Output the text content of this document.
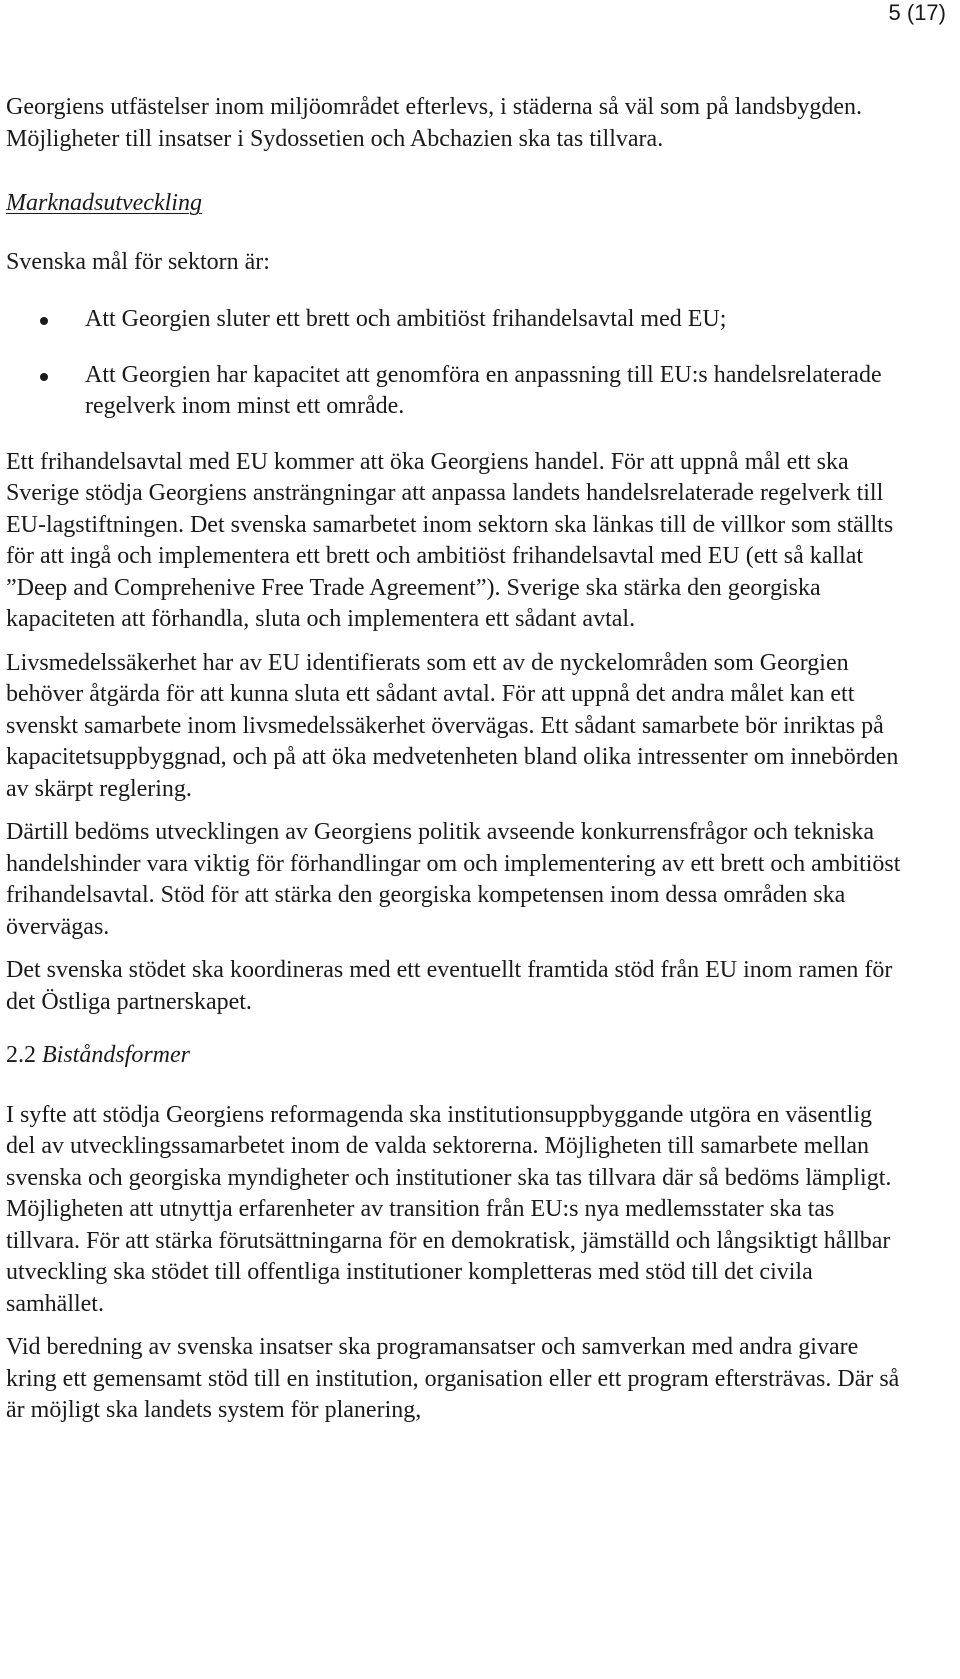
5 (17)

Georgiens utfästelser inom miljöområdet efterlevs, i städerna så väl som på landsbygden.

Möjligheter till insatser i Sydossetien och Abchazien ska tas tillvara.

Marknadsutveckling

Svenska mål för sektorn är:

Att Georgien sluter ett brett och ambitiöst frihandelsavtal med EU;
Att Georgien har kapacitet att genomföra en anpassning till EU:s handelsrelaterade regelverk inom minst ett område.

Ett frihandelsavtal med EU kommer att öka Georgiens handel. För att uppnå mål ett ska Sverige stödja Georgiens ansträngningar att anpassa landets handelsrelaterade regelverk till EU-lagstiftningen. Det svenska samarbetet inom sektorn ska länkas till de villkor som ställts för att ingå och implementera ett brett och ambitiöst frihandelsavtal med EU (ett så kallat ”Deep and Comprehenive Free Trade Agreement”). Sverige ska stärka den georgiska kapaciteten att förhandla, sluta och implementera ett sådant avtal.

Livsmedelssäkerhet har av EU identifierats som ett av de nyckelområden som Georgien behöver åtgärda för att kunna sluta ett sådant avtal. För att uppnå det andra målet kan ett svenskt samarbete inom livsmedelssäkerhet övervägas. Ett sådant samarbete bör inriktas på kapacitetsuppbyggnad, och på att öka medvetenheten bland olika intressenter om innebörden av skärpt reglering.

Därtill bedöms utvecklingen av Georgiens politik avseende konkurrensfrågor och tekniska handelshinder vara viktig för förhandlingar om och implementering av ett brett och ambitiöst frihandelsavtal. Stöd för att stärka den georgiska kompetensen inom dessa områden ska övervägas.

Det svenska stödet ska koordineras med ett eventuellt framtida stöd från EU inom ramen för det Östliga partnerskapet.

2.2 Biståndsformer

I syfte att stödja Georgiens reformagenda ska institutionsuppbyggande utgöra en väsentlig del av utvecklingssamarbetet inom de valda sektorerna. Möjligheten till samarbete mellan svenska och georgiska myndigheter och institutioner ska tas tillvara där så bedöms lämpligt. Möjligheten att utnyttja erfarenheter av transition från EU:s nya medlemsstater ska tas tillvara. För att stärka förutsättningarna för en demokratisk, jämställd och långsiktigt hållbar utveckling ska stödet till offentliga institutioner kompletteras med stöd till det civila samhället.

Vid beredning av svenska insatser ska programansatser och samverkan med andra givare kring ett gemensamt stöd till en institution, organisation eller ett program eftersträvas. Där så är möjligt ska landets system för planering,
